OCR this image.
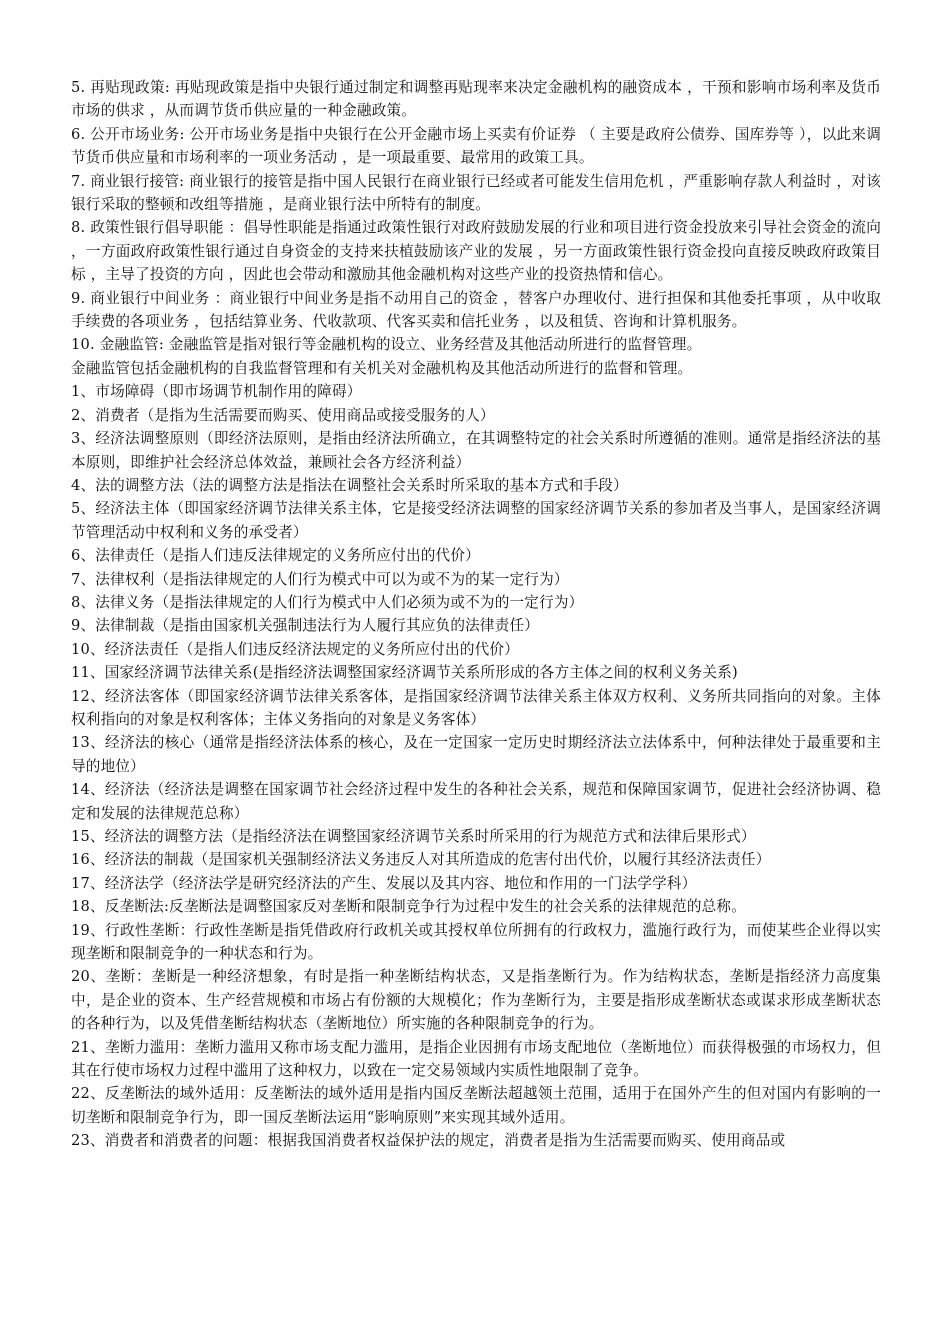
5. 再贴现政策: 再贴现政策是指中央银行通过制定和调整再贴现率来决定金融机构的融资成本 ，干预和影响市场利率及货币市场的供求 ，从而调节货币供应量的一种金融政策。

6. 公开市场业务: 公开市场业务是指中央银行在公开金融市场上买卖有价证券 （ 主要是政府公债券、国库券等 ），以此来调节货币供应量和市场利率的一项业务活动 ，是一项最重要、最常用的政策工具。

7. 商业银行接管: 商业银行的接管是指中国人民银行在商业银行已经或者可能发生信用危机 ，严重影响存款人利益时 ，对该银行采取的整顿和改组等措施 ，是商业银行法中所特有的制度。

8. 政策性银行倡导职能 ：倡导性职能是指通过政策性银行对政府鼓励发展的行业和项目进行资金投放来引导社会资金的流向 ，一方面政府政策性银行通过自身资金的支持来扶植鼓励该产业的发展 ，另一方面政策性银行资金投向直接反映政府政策目标 ，主导了投资的方向 ，因此也会带动和激励其他金融机构对这些产业的投资热情和信心。

9. 商业银行中间业务 ：商业银行中间业务是指不动用自己的资金 ，替客户办理收付、进行担保和其他委托事项 ，从中收取手续费的各项业务 ，包括结算业务、代收款项、代客买卖和信托业务 ，以及租赁、咨询和计算机服务。

10. 金融监管: 金融监管是指对银行等金融机构的设立、业务经营及其他活动所进行的监督管理。

金融监管包括金融机构的自我监督管理和有关机关对金融机构及其他活动所进行的监督和管理。

1、市场障碍（即市场调节机制作用的障碍）

2、消费者（是指为生活需要而购买、使用商品或接受服务的人）

3、经济法调整原则（即经济法原则，是指由经济法所确立，在其调整特定的社会关系时所遵循的准则。通常是指经济法的基本原则，即维护社会经济总体效益，兼顾社会各方经济利益）

4、法的调整方法（法的调整方法是指法在调整社会关系时所采取的基本方式和手段）

5、经济法主体（即国家经济调节法律关系主体，它是接受经济法调整的国家经济调节关系的参加者及当事人，是国家经济调节管理活动中权利和义务的承受者）

6、法律责任（是指人们违反法律规定的义务所应付出的代价）

7、法律权利（是指法律规定的人们行为模式中可以为或不为的某一定行为）

8、法律义务（是指法律规定的人们行为模式中人们必须为或不为的一定行为）

9、法律制裁（是指由国家机关强制违法行为人履行其应负的法律责任）

10、经济法责任（是指人们违反经济法规定的义务所应付出的代价）

11、国家经济调节法律关系(是指经济法调整国家经济调节关系所形成的各方主体之间的权利义务关系)

12、经济法客体（即国家经济调节法律关系客体，是指国家经济调节法律关系主体双方权利、义务所共同指向的对象。主体权利指向的对象是权利客体；主体义务指向的对象是义务客体）

13、经济法的核心（通常是指经济法体系的核心，及在一定国家一定历史时期经济法立法体系中，何种法律处于最重要和主导的地位）

14、经济法（经济法是调整在国家调节社会经济过程中发生的各种社会关系，规范和保障国家调节，促进社会经济协调、稳定和发展的法律规范总称）

15、经济法的调整方法（是指经济法在调整国家经济调节关系时所采用的行为规范方式和法律后果形式）

16、经济法的制裁（是国家机关强制经济法义务违反人对其所造成的危害付出代价，以履行其经济法责任）

17、经济法学（经济法学是研究经济法的产生、发展以及其内容、地位和作用的一门法学学科）

18、反垄断法:反垄断法是调整国家反对垄断和限制竞争行为过程中发生的社会关系的法律规范的总称。

19、行政性垄断：行政性垄断是指凭借政府行政机关或其授权单位所拥有的行政权力，滥施行政行为，而使某些企业得以实现垄断和限制竞争的一种状态和行为。

20、垄断：垄断是一种经济想象，有时是指一种垄断结构状态，又是指垄断行为。作为结构状态，垄断是指经济力高度集中，是企业的资本、生产经营规模和市场占有份额的大规模化；作为垄断行为，主要是指形成垄断状态或谋求形成垄断状态的各种行为，以及凭借垄断结构状态（垄断地位）所实施的各种限制竞争的行为。

21、垄断力滥用：垄断力滥用又称市场支配力滥用，是指企业因拥有市场支配地位（垄断地位）而获得极强的市场权力，但其在行使市场权力过程中滥用了这种权力，以致在一定交易领域内实质性地限制了竞争。

22、反垄断法的域外适用：反垄断法的域外适用是指内国反垄断法超越领土范围，适用于在国外产生的但对国内有影响的一切垄断和限制竞争行为，即一国反垄断法运用“影响原则”来实现其域外适用。

23、消费者和消费者的问题：根据我国消费者权益保护法的规定，消费者是指为生活需要而购买、使用商品或
